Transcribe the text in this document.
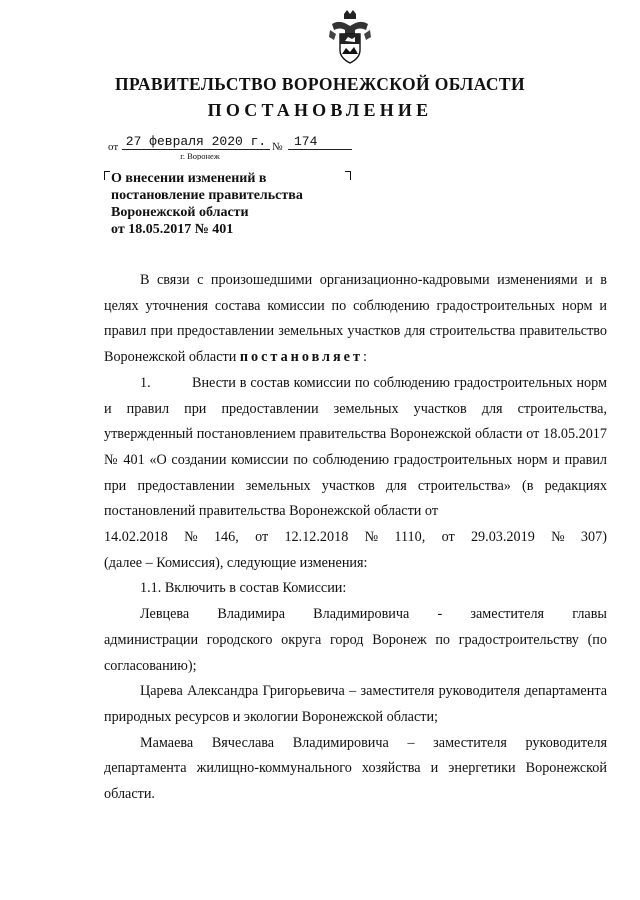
ПРАВИТЕЛЬСТВО ВОРОНЕЖСКОЙ ОБЛАСТИ
ПОСТАНОВЛЕНИЕ
от 27 февраля 2020 г. № 174
г. Воронеж
О внесении изменений в
постановление правительства
Воронежской области
от 18.05.2017 № 401

В связи с произошедшими организационно-кадровыми изменениями и в целях уточнения состава комиссии по соблюдению градостроительных норм и правил при предоставлении земельных участков для строительства правительство Воронежской области постановляет:

1.	Внести в состав комиссии по соблюдению градостроительных норм и правил при предоставлении земельных участков для строительства, утвержденный постановлением правительства Воронежской области от 18.05.2017 № 401 «О создании комиссии по соблюдению градостроительных норм и правил при предоставлении земельных участков для строительства» (в редакциях постановлений правительства Воронежской области от

14.02.2018 № 146, от 12.12.2018 № 1110, от 29.03.2019 № 307)

(далее – Комиссия), следующие изменения:

1.1. Включить в состав Комиссии:

Левцева Владимира Владимировича - заместителя главы

администрации городского округа город Воронеж по градостроительству (по согласованию);

Царева Александра Григорьевича – заместителя руководителя департамента природных ресурсов и экологии Воронежской области;

Мамаева Вячеслава Владимировича – заместителя руководителя департамента жилищно-коммунального хозяйства и энергетики Воронежской области.
